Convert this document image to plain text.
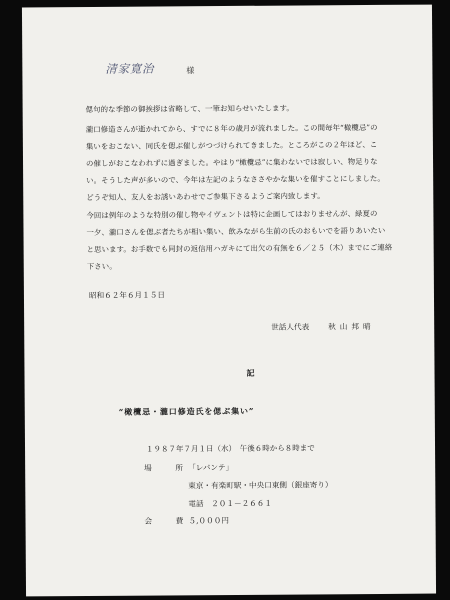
清家寛治	様
偲句的な季節の御挨拶は省略して、一筆お知らせいたします。
瀧口修造さんが逝かれてから、すでに８年の歳月が流れました。この間毎年“橄欖忌”の
集いをおこない、同氏を偲ぶ催しがつづけられてきました。ところがこの２年ほど、こ
の催しがおこなわれずに過ぎました。やはり“橄欖忌”に集わないでは寂しい、物足りな
い。そうした声が多いので、今年は左記のようなささやかな集いを催すことにしました。
どうぞ知人、友人をお誘いあわせでご参集下さるようご案内致します。
今回は例年のような特別の催し物やイヴェントは特に企画してはおりませんが、緑夏の
一夕、瀧口さんを偲ぶ者たちが相い集い、飲みながら生前の氏のおもいでを語りあいたい
と思います。お手数でも同封の返信用ハガキにて出欠の有無を６／２５（木）までにご連絡
下さい。
昭和６２年６月１５日
世話人代表 秋山邦晴
記
“橄欖忌・瀧口修造氏を偲ぶ集い”
１９８７年７月１日（水）　午後６時から８時まで
場　所
「レバンテ」
東京・有楽町駅・中央口東側（銀座寄り）
電話　２０１－２６６１
会　費
５,０００円
